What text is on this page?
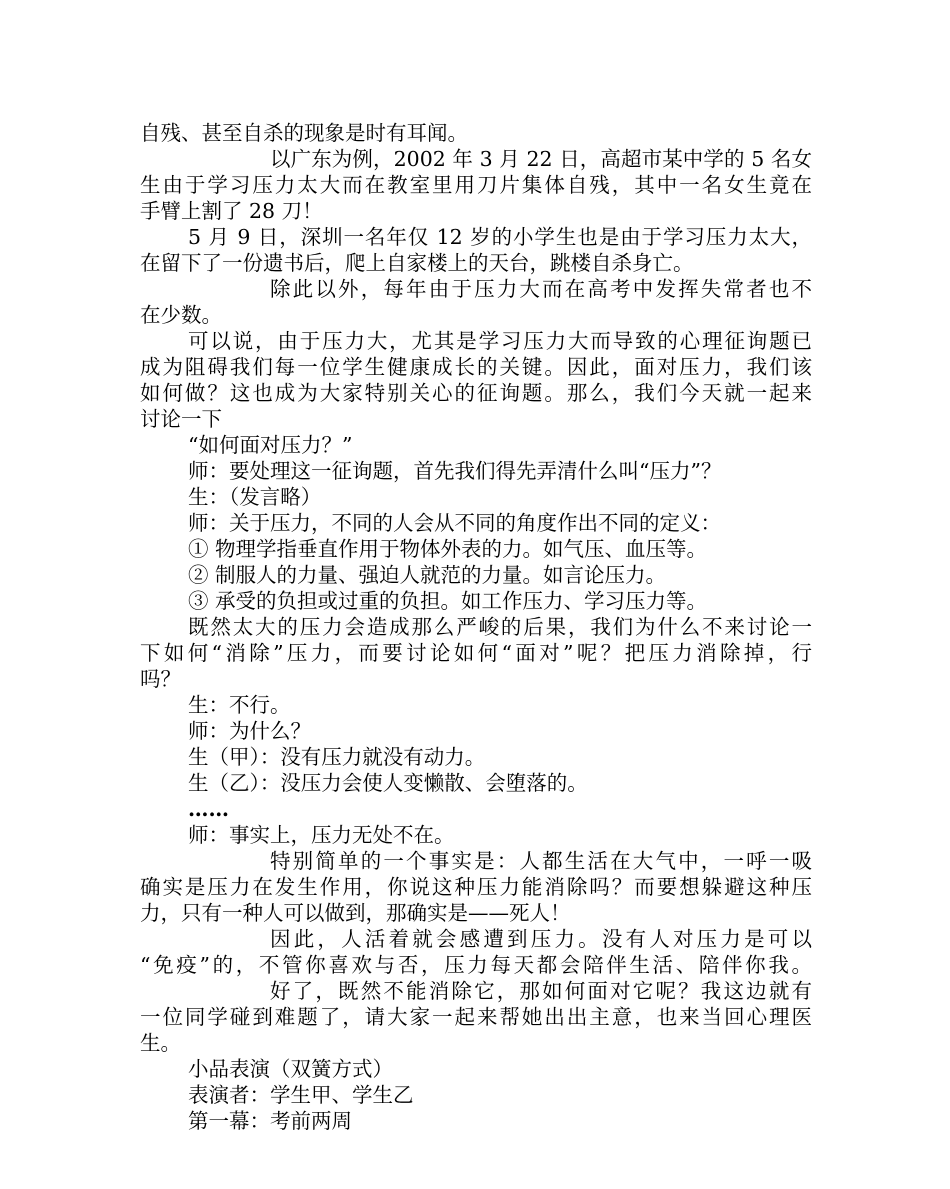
自残、甚至自杀的现象是时有耳闻。
以广东为例，2002 年 3 月 22 日，高超市某中学的 5 名女
生由于学习压力太大而在教室里用刀片集体自残，其中一名女生竟在
手臂上割了 28 刀！
5 月 9 日，深圳一名年仅 12 岁的小学生也是由于学习压力太大，
在留下了一份遗书后，爬上自家楼上的天台，跳楼自杀身亡。
除此以外，每年由于压力大而在高考中发挥失常者也不
在少数。
可以说，由于压力大，尤其是学习压力大而导致的心理征询题已
成为阻碍我们每一位学生健康成长的关键。因此，面对压力，我们该
如何做？这也成为大家特别关心的征询题。那么，我们今天就一起来
讨论一下
“如何面对压力？”
师：要处理这一征询题，首先我们得先弄清什么叫“压力”？
生：（发言略）
师：关于压力，不同的人会从不同的角度作出不同的定义：
① 物理学指垂直作用于物体外表的力。如气压、血压等。
② 制服人的力量、强迫人就范的力量。如言论压力。
③ 承受的负担或过重的负担。如工作压力、学习压力等。
既然太大的压力会造成那么严峻的后果，我们为什么不来讨论一
下如何“消除”压力，而要讨论如何“面对”呢？把压力消除掉，行
吗？
生：不行。
师：为什么？
生（甲）：没有压力就没有动力。
生（乙）：没压力会使人变懒散、会堕落的。
……
师：事实上，压力无处不在。
特别简单的一个事实是：人都生活在大气中，一呼一吸
确实是压力在发生作用，你说这种压力能消除吗？而要想躲避这种压
力，只有一种人可以做到，那确实是——死人！
因此，人活着就会感遭到压力。没有人对压力是可以
“免疫”的，不管你喜欢与否，压力每天都会陪伴生活、陪伴你我。
好了，既然不能消除它，那如何面对它呢？我这边就有
一位同学碰到难题了，请大家一起来帮她出出主意，也来当回心理医
生。
小品表演（双簧方式）
表演者：学生甲、学生乙
第一幕：考前两周
